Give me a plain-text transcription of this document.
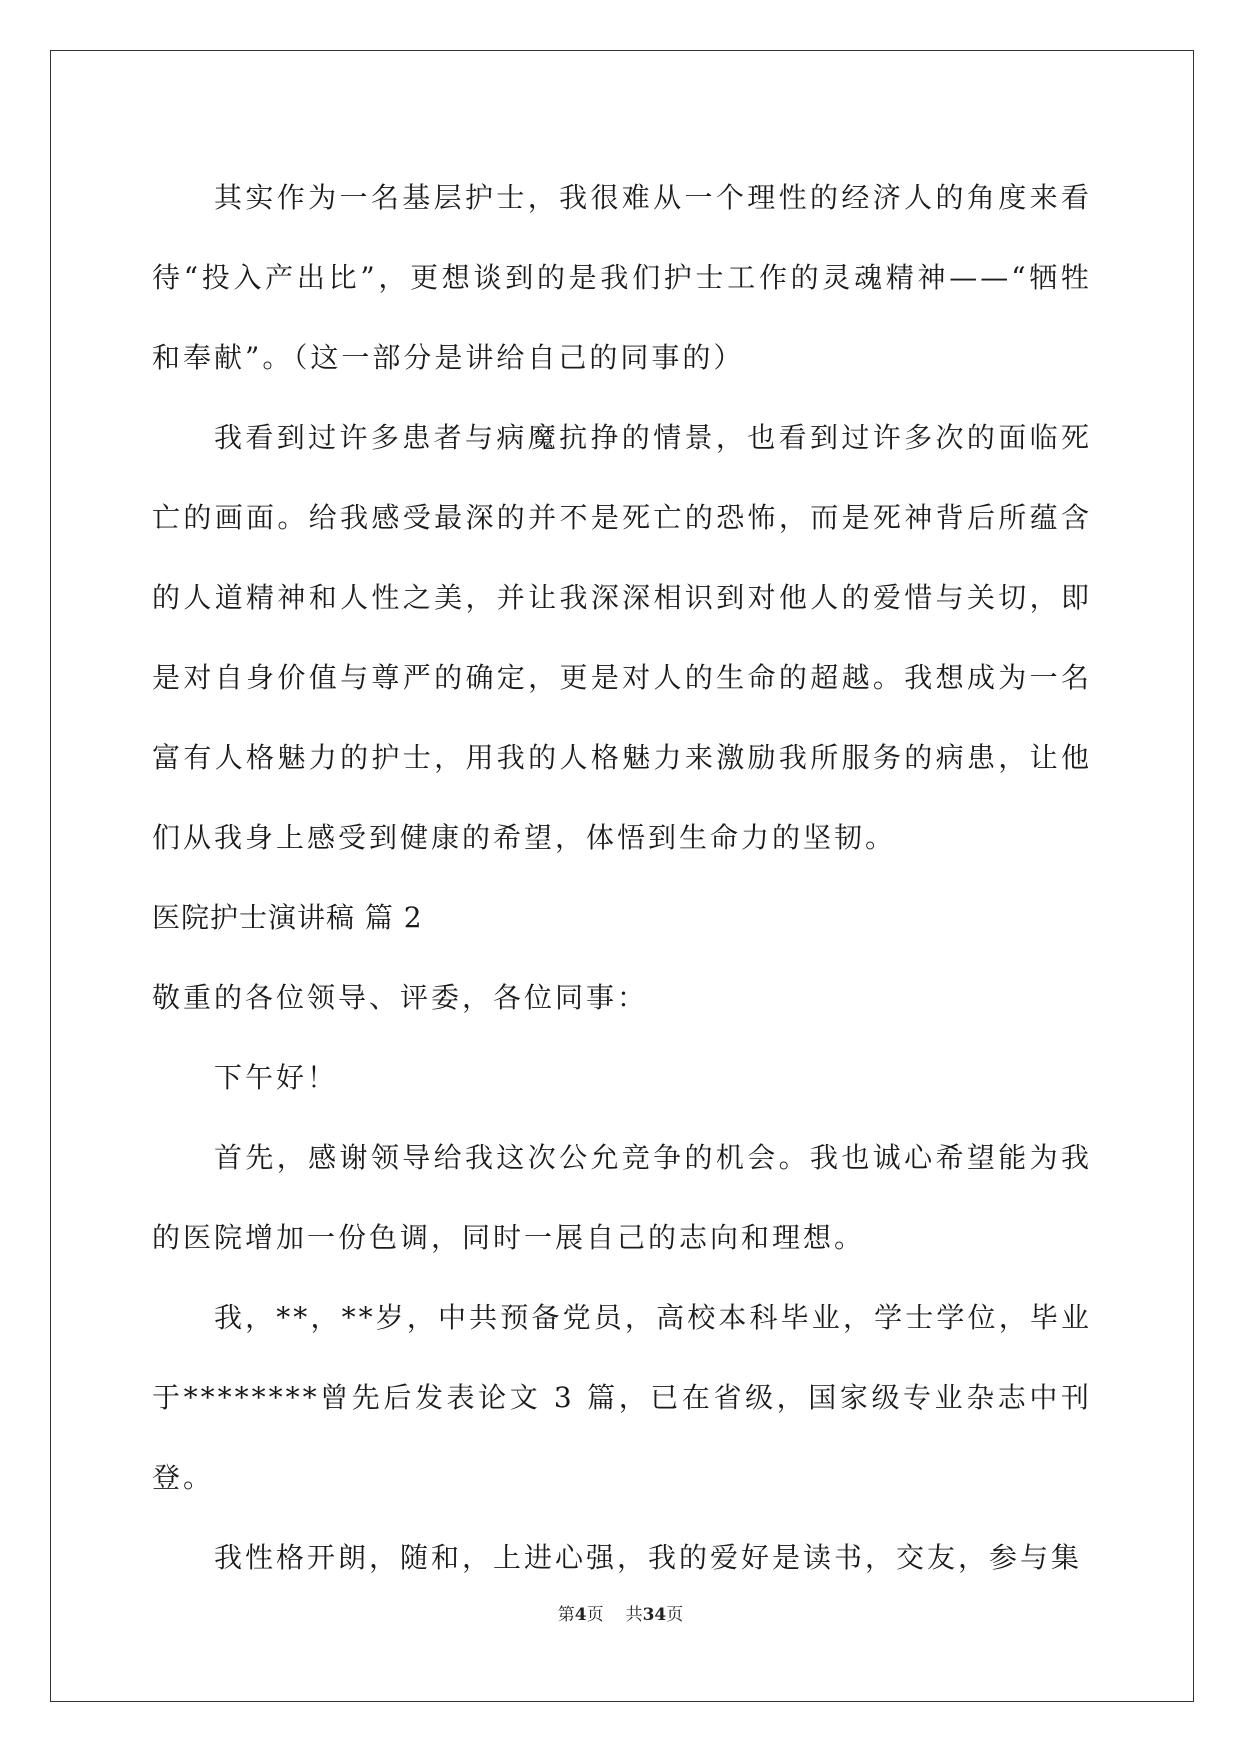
其实作为一名基层护士，我很难从一个理性的经济人的角度来看待“投入产出比”，更想谈到的是我们护士工作的灵魂精神——“牺牲和奉献”。（这一部分是讲给自己的同事的）

我看到过许多患者与病魔抗挣的情景，也看到过许多次的面临死亡的画面。给我感受最深的并不是死亡的恐怖，而是死神背后所蕴含的人道精神和人性之美，并让我深深相识到对他人的爱惜与关切，即是对自身价值与尊严的确定，更是对人的生命的超越。我想成为一名富有人格魅力的护士，用我的人格魅力来激励我所服务的病患，让他们从我身上感受到健康的希望，体悟到生命力的坚韧。

医院护士演讲稿 篇 2

敬重的各位领导、评委，各位同事：

下午好！

首先，感谢领导给我这次公允竞争的机会。我也诚心希望能为我的医院增加一份色调，同时一展自己的志向和理想。

我，**，**岁，中共预备党员，高校本科毕业，学士学位，毕业于********曾先后发表论文 3 篇，已在省级，国家级专业杂志中刊登。

我性格开朗，随和，上进心强，我的爱好是读书，交友，参与集

第4页 共34页
